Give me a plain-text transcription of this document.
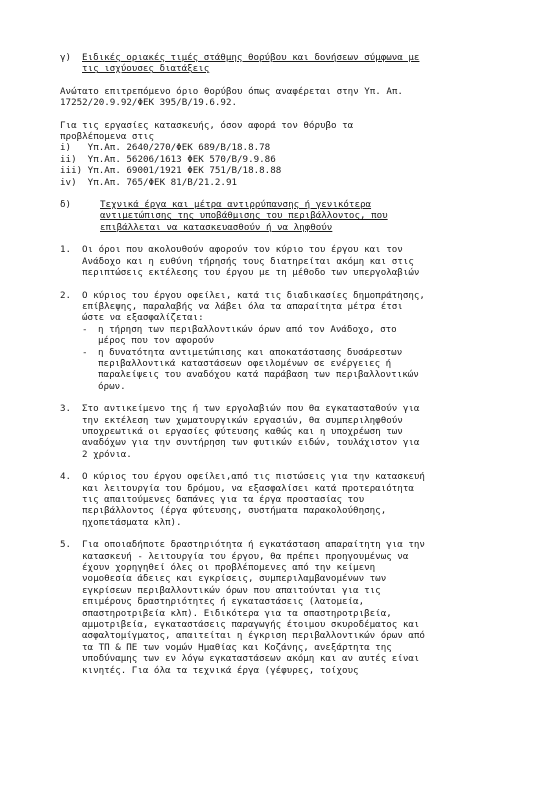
γ)	Ειδικές οριακές τιμές στάθμης θορύβου και δονήσεων σύμφωνα με
τις ισχύουσες διατάξεις
Ανώτατο επιτρεπόμενο όριο θορύβου όπως αναφέρεται στην Υπ. Απ.
17252/20.9.92/ΦΕΚ 395/Β/19.6.92.
Για τις εργασίες κατασκευής, όσον αφορά τον θόρυβο τα
προβλέπομενα στις
i)   Υπ.Απ. 2640/270/ΦΕΚ 689/Β/18.8.78
ii)  Υπ.Απ. 56206/1613 ΦΕΚ 570/Β/9.9.86
iii) Υπ.Απ. 69001/1921 ΦΕΚ 751/Β/18.8.88
iv)  Υπ.Απ. 765/ΦΕΚ 81/Β/21.2.91
δ)	Τεχνικά έργα και μέτρα αντιρρύπανσης ή γενικότερα
αντιμετώπισης της υποβάθμισης του περιβάλλοντος, που
επιβάλλεται να κατασκευασθούν ή να ληφθούν
1.	Οι όροι που ακολουθούν αφορούν τον κύριο του έργου και τον
Ανάδοχο και η ευθύνη τήρησής τους διατηρείται ακόμη και στις
περιπτώσεις εκτέλεσης του έργου με τη μέθοδο των υπεργολαβιών
2.	Ο κύριος του έργου οφείλει, κατά τις διαδικασίες δημοπράτησης,
επίβλεψης, παραλαβής να λάβει όλα τα απαραίτητα μέτρα έτσι
ώστε να εξασφαλίζεται:
-	η τήρηση των περιβαλλοντικών όρων από τον Ανάδοχο, στο
μέρος που τον αφορούν
-	η δυνατότητα αντιμετώπισης και αποκατάστασης δυσάρεστων
περιβαλλοντικά καταστάσεων οφειλομένων σε ενέργειες ή
παραλείψεις του αναδόχου κατά παράβαση των περιβαλλοντικών
όρων.
3.	Στο αντικείμενο της ή των εργολαβιών που θα εγκατασταθούν για
την εκτέλεση των χωματουργικών εργασιών, θα συμπεριληφθούν
υποχρεωτικά οι εργασίες φύτευσης καθώς και η υποχρέωση των
αναδόχων για την συντήρηση των φυτικών ειδών, τουλάχιστον για
2 χρόνια.
4.	Ο κύριος του έργου οφείλει,από τις πιστώσεις για την κατασκευή
και λειτουργία του δρόμου, να εξασφαλίσει κατά προτεραιότητα
τις απαιτούμενες δαπάνες για τα έργα προστασίας του
περιβάλλοντος (έργα φύτευσης, συστήματα παρακολούθησης,
ηχοπετάσματα κλπ).
5.	Για οποιαδήποτε δραστηριότητα ή εγκατάσταση απαραίτητη για την
κατασκευή - λειτουργία του έργου, θα πρέπει προηγουμένως να
έχουν χορηγηθεί όλες οι προβλέπομενες από την κείμενη
νομοθεσία άδειες και εγκρίσεις, συμπεριλαμβανομένων των
εγκρίσεων περιβαλλοντικών όρων που απαιτούνται για τις
επιμέρους δραστηριότητες ή εγκαταστάσεις (λατομεία,
σπαστηροτριβεία κλπ). Ειδικότερα για τα σπαστηροτριβεία,
αμμοτριβεία, εγκαταστάσεις παραγωγής έτοιμου σκυροδέματος και
ασφαλτομίγματος, απαιτείται η έγκριση περιβαλλοντικών όρων από
τα ΤΠ & ΠΕ των νομών Ημαθίας και Κοζάνης, ανεξάρτητα της
υποδύναμης των εν λόγω εγκαταστάσεων ακόμη και αν αυτές είναι
κινητές. Για όλα τα τεχνικά έργα (γέφυρες, τοίχους
